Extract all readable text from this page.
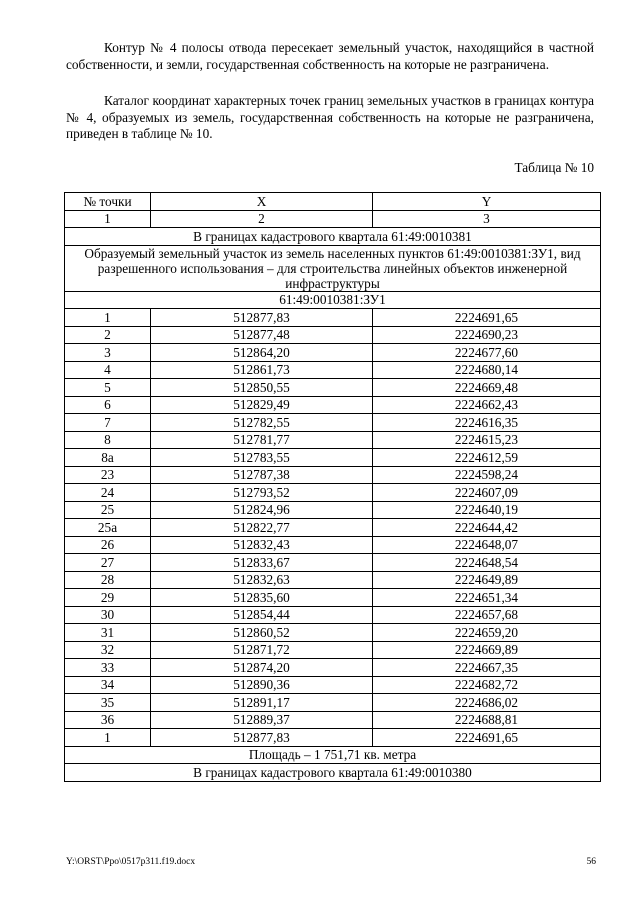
Контур № 4 полосы отвода пересекает земельный участок, находящийся в частной собственности, и земли, государственная собственность на которые не разграничена.

Каталог координат характерных точек границ земельных участков в границах контура № 4, образуемых из земель, государственная собственность на которые не разграничена, приведен в таблице № 10.

Таблица № 10
№ точки	X	Y
1	2	3
В границах кадастрового квартала 61:49:0010381		
Образуемый земельный участок из земель населенных пунктов 61:49:0010381:ЗУ1, вид разрешенного использования – для строительства линейных объектов инженерной инфраструктуры		
61:49:0010381:ЗУ1		
1	512877,83	2224691,65
2	512877,48	2224690,23
3	512864,20	2224677,60
4	512861,73	2224680,14
5	512850,55	2224669,48
6	512829,49	2224662,43
7	512782,55	2224616,35
8	512781,77	2224615,23
8а	512783,55	2224612,59
23	512787,38	2224598,24
24	512793,52	2224607,09
25	512824,96	2224640,19
25а	512822,77	2224644,42
26	512832,43	2224648,07
27	512833,67	2224648,54
28	512832,63	2224649,89
29	512835,60	2224651,34
30	512854,44	2224657,68
31	512860,52	2224659,20
32	512871,72	2224669,89
33	512874,20	2224667,35
34	512890,36	2224682,72
35	512891,17	2224686,02
36	512889,37	2224688,81
1	512877,83	2224691,65
Площадь – 1 751,71 кв. метра		
В границах кадастрового квартала 61:49:0010380		
Y:\ORST\Ppo\0517p311.f19.docx	56
